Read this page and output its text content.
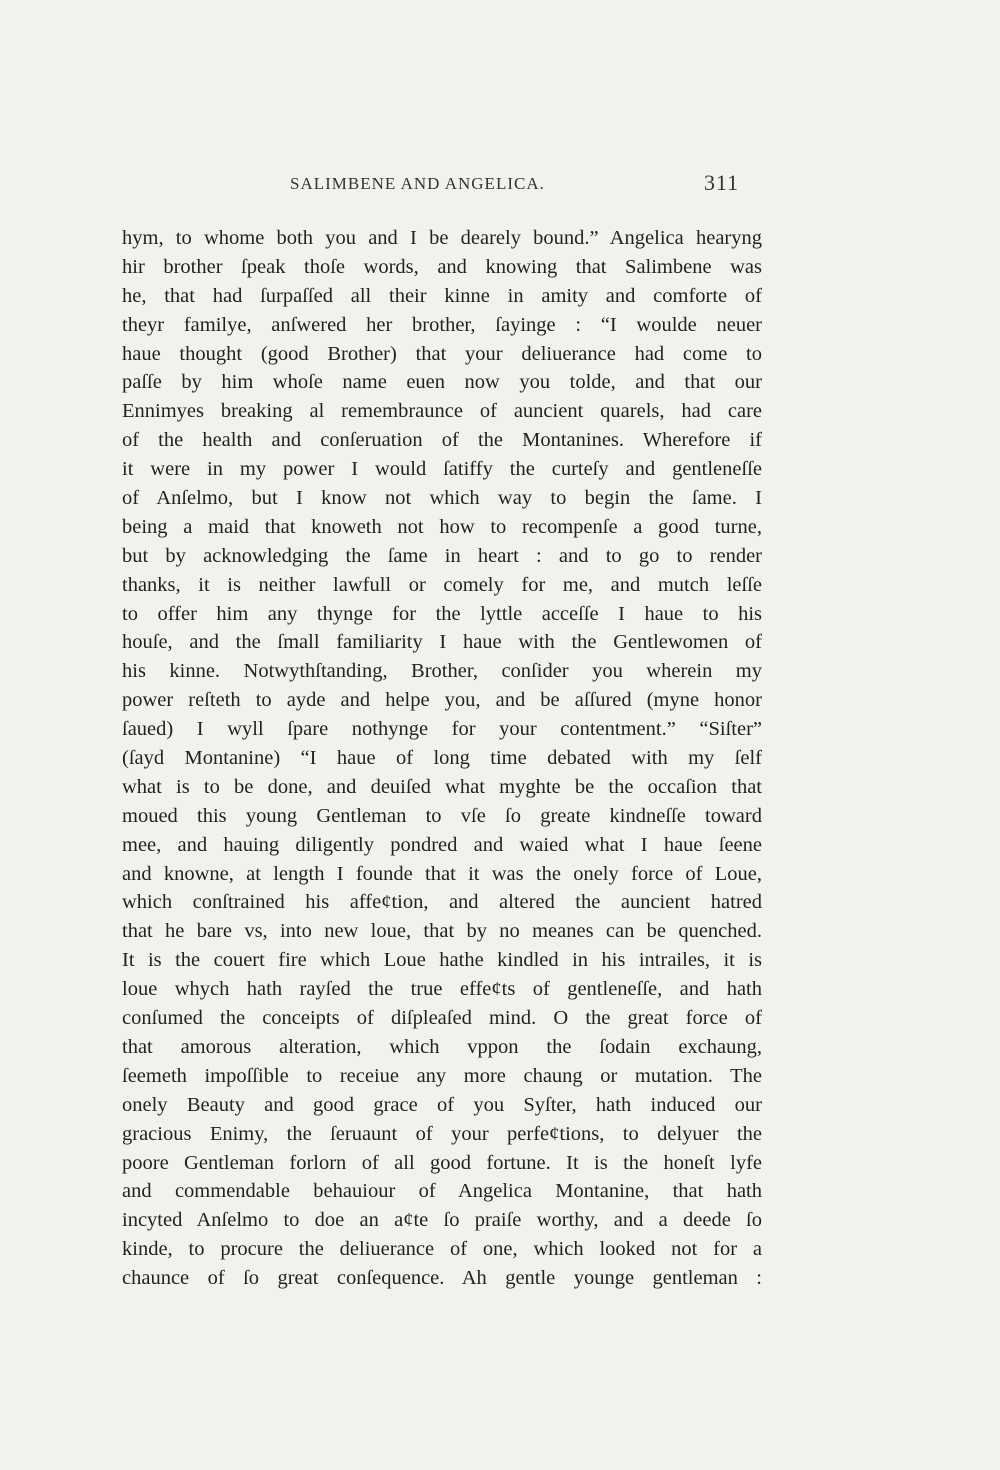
SALIMBENE AND ANGELICA.	311
hym, to whome both you and I be dearely bound.” Angelica hearyng
hir brother ſpeak thoſe words, and knowing that Salimbene was
he, that had ſurpaſſed all their kinne in amity and comforte of
theyr familye, anſwered her brother, ſayinge : “I woulde neuer
haue thought (good Brother) that your deliuerance had come to
paſſe by him whoſe name euen now you tolde, and that our
Ennimyes breaking al remembraunce of auncient quarels, had care
of the health and conſeruation of the Montanines. Wherefore if
it were in my power I would ſatiffy the curteſy and gentleneſſe
of Anſelmo, but I know not which way to begin the ſame. I
being a maid that knoweth not how to recompenſe a good turne,
but by acknowledging the ſame in heart : and to go to render
thanks, it is neither lawfull or comely for me, and mutch leſſe
to offer him any thynge for the lyttle acceſſe I haue to his
houſe, and the ſmall familiarity I haue with the Gentlewomen of
his kinne. Notwythſtanding, Brother, conſider you wherein my
power reſteth to ayde and helpe you, and be aſſured (myne honor
ſaued) I wyll ſpare nothynge for your contentment.” “Siſter”
(ſayd Montanine) “I haue of long time debated with my ſelf
what is to be done, and deuiſed what myghte be the occaſion that
moued this young Gentleman to vſe ſo greate kindneſſe toward
mee, and hauing diligently pondred and waied what I haue ſeene
and knowne, at length I founde that it was the onely force of Loue,
which conſtrained his affe¢tion, and altered the auncient hatred
that he bare vs, into new loue, that by no meanes can be quenched.
It is the couert fire which Loue hathe kindled in his intrailes, it is
loue whych hath rayſed the true effe¢ts of gentleneſſe, and hath
conſumed the conceipts of diſpleaſed mind. O the great force of
that amorous alteration, which vppon the ſodain exchaung,
ſeemeth impoſſible to receiue any more chaung or mutation. The
onely Beauty and good grace of you Syſter, hath induced our
gracious Enimy, the ſeruaunt of your perfe¢tions, to delyuer the
poore Gentleman forlorn of all good fortune. It is the honeſt lyfe
and commendable behauiour of Angelica Montanine, that hath
incyted Anſelmo to doe an a¢te ſo praiſe worthy, and a deede ſo
kinde, to procure the deliuerance of one, which looked not for a
chaunce of ſo great conſequence. Ah gentle younge gentleman :
